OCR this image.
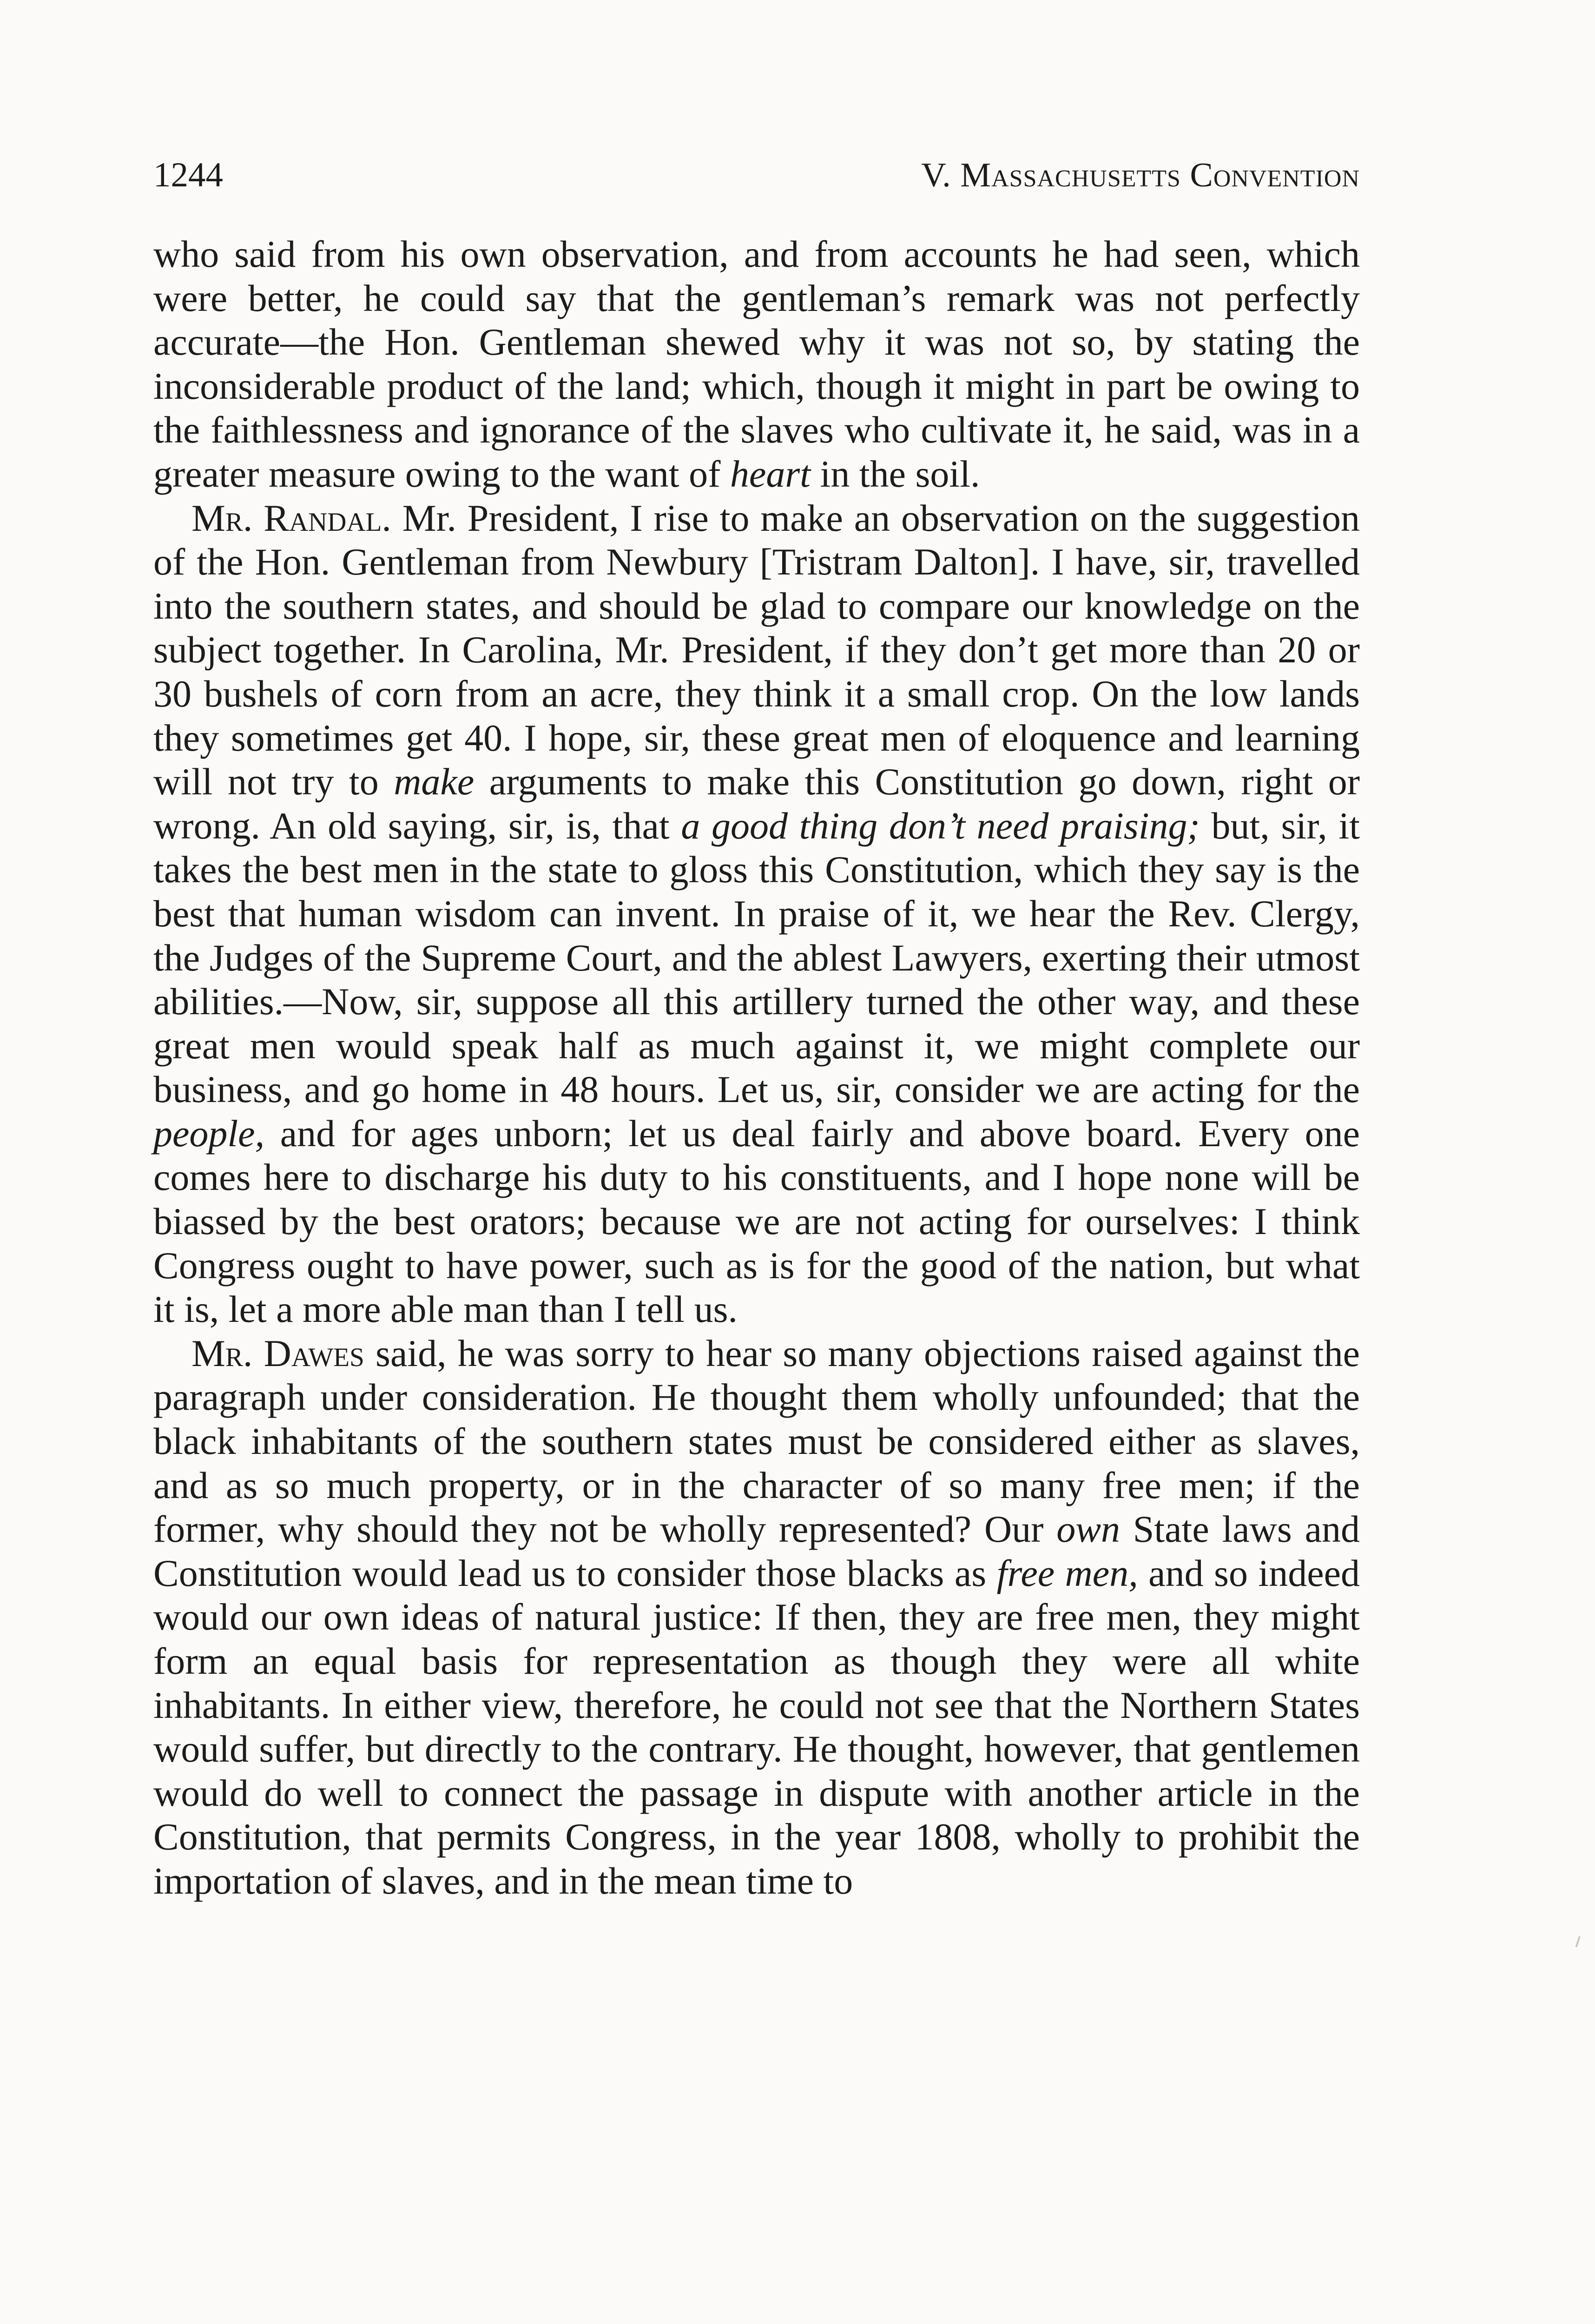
1244	V. Massachusetts Convention

who said from his own observation, and from accounts he had seen, which were better, he could say that the gentleman’s remark was not perfectly accurate—the Hon. Gentleman shewed why it was not so, by stating the inconsiderable product of the land; which, though it might in part be owing to the faithlessness and ignorance of the slaves who cultivate it, he said, was in a greater measure owing to the want of heart in the soil.

Mr. Randal. Mr. President, I rise to make an observation on the suggestion of the Hon. Gentleman from Newbury [Tristram Dalton]. I have, sir, travelled into the southern states, and should be glad to compare our knowledge on the subject together. In Carolina, Mr. President, if they don’t get more than 20 or 30 bushels of corn from an acre, they think it a small crop. On the low lands they sometimes get 40. I hope, sir, these great men of eloquence and learning will not try to make arguments to make this Constitution go down, right or wrong. An old saying, sir, is, that a good thing don’t need praising; but, sir, it takes the best men in the state to gloss this Constitution, which they say is the best that human wisdom can invent. In praise of it, we hear the Rev. Clergy, the Judges of the Supreme Court, and the ablest Lawyers, exerting their utmost abilities.—Now, sir, suppose all this artillery turned the other way, and these great men would speak half as much against it, we might complete our business, and go home in 48 hours. Let us, sir, consider we are acting for the people, and for ages unborn; let us deal fairly and above board. Every one comes here to discharge his duty to his constituents, and I hope none will be biassed by the best orators; because we are not acting for ourselves: I think Congress ought to have power, such as is for the good of the nation, but what it is, let a more able man than I tell us.

Mr. Dawes said, he was sorry to hear so many objections raised against the paragraph under consideration. He thought them wholly unfounded; that the black inhabitants of the southern states must be considered either as slaves, and as so much property, or in the character of so many free men; if the former, why should they not be wholly represented? Our own State laws and Constitution would lead us to consider those blacks as free men, and so indeed would our own ideas of natural justice: If then, they are free men, they might form an equal basis for representation as though they were all white inhabitants. In either view, therefore, he could not see that the Northern States would suffer, but directly to the contrary. He thought, however, that gentlemen would do well to connect the passage in dispute with another article in the Constitution, that permits Congress, in the year 1808, wholly to prohibit the importation of slaves, and in the mean time to
